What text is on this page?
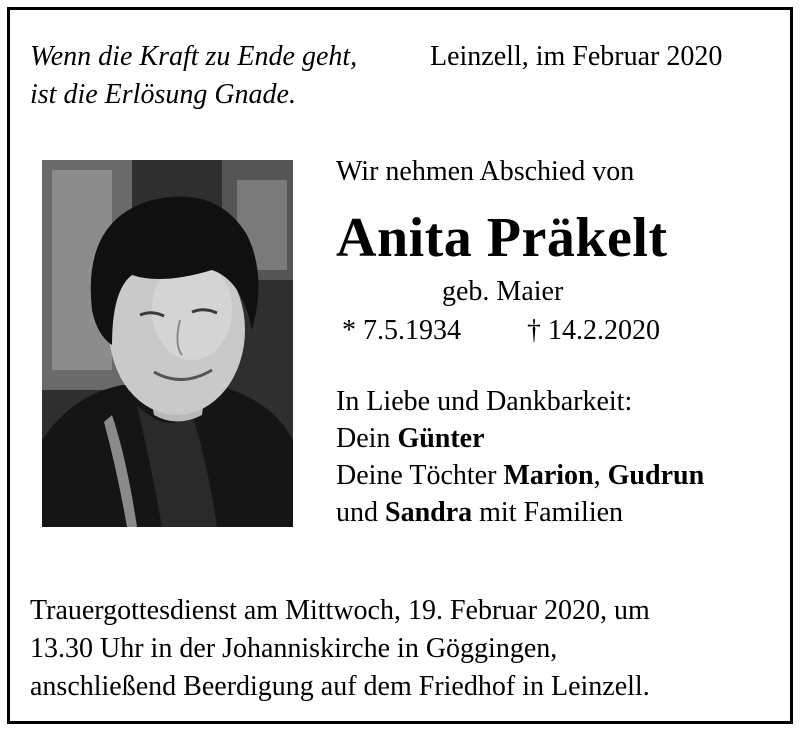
Wenn die Kraft zu Ende geht,
ist die Erlösung Gnade.
Leinzell, im Februar 2020
Wir nehmen Abschied von
Anita Präkelt
geb. Maier
* 7.5.1934 † 14.2.2020
In Liebe und Dankbarkeit:
Dein Günter
Deine Töchter Marion, Gudrun
und Sandra mit Familien
Trauergottesdienst am Mittwoch, 19. Februar 2020, um
13.30 Uhr in der Johanniskirche in Göggingen,
anschließend Beerdigung auf dem Friedhof in Leinzell.
